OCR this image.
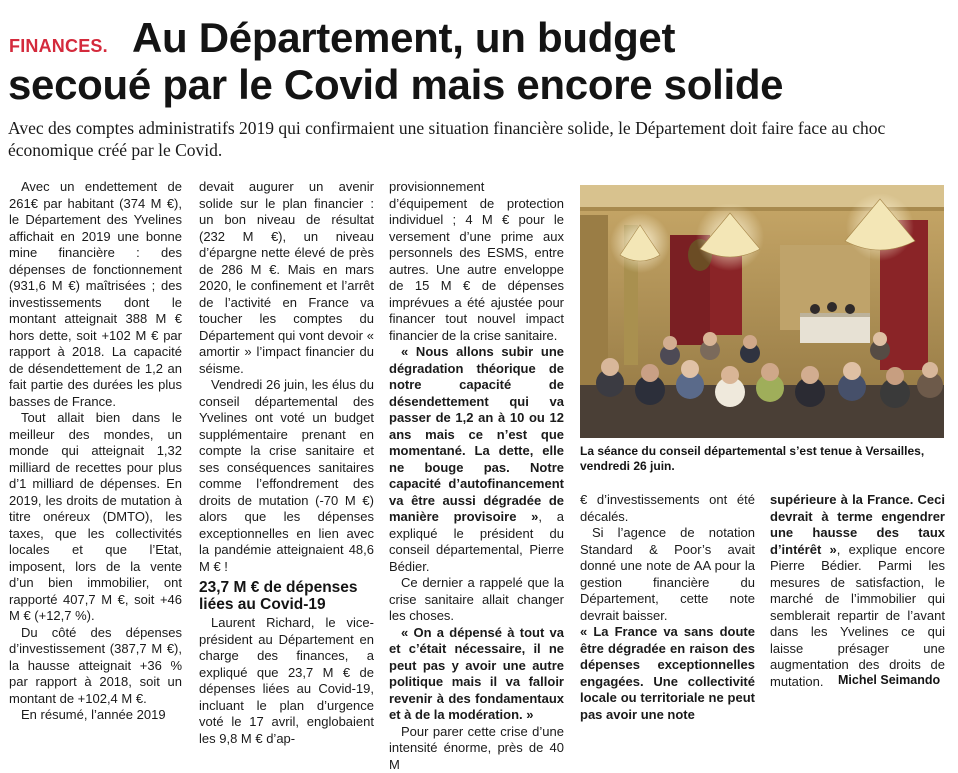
FINANCES. Au Département, un budget
secoué par le Covid mais encore solide

Avec des comptes administratifs 2019 qui confirmaient une situation financière solide, le Département doit faire face au choc économique créé par le Covid.

Avec un endettement de 261€ par habitant (374 M €), le Département des Yvelines affichait en 2019 une bonne mine financière : des dépenses de fonctionnement (931,6 M €) maîtrisées ; des investissements dont le montant atteignait 388 M € hors dette, soit +102 M € par rapport à 2018. La capacité de désendettement de 1,2 an fait partie des durées les plus basses de France.

Tout allait bien dans le meilleur des mondes, un monde qui atteignait 1,32 milliard de recettes pour plus d’1 milliard de dépenses. En 2019, les droits de mutation à titre onéreux (DMTO), les taxes, que les collectivités locales et que l’Etat, imposent, lors de la vente d’un bien immobilier, ont rapporté 407,7 M €, soit +46 M € (+12,7 %).

Du côté des dépenses d’investissement (387,7 M €), la hausse atteignait +36 % par rapport à 2018, soit un montant de +102,4 M €.

En résumé, l’année 2019

devait augurer un avenir solide sur le plan financier : un bon niveau de résultat (232 M €), un niveau d’épargne nette élevé de près de 286 M €. Mais en mars 2020, le confinement et l’arrêt de l’activité en France va toucher les comptes du Département qui vont devoir « amortir » l’impact financier du séisme.

Vendredi 26 juin, les élus du conseil départemental des Yvelines ont voté un budget supplémentaire prenant en compte la crise sanitaire et ses conséquences sanitaires comme l’effondrement des droits de mutation (-70 M €) alors que les dépenses exceptionnelles en lien avec la pandémie atteignaient 48,6 M € !

23,7 M € de dépenses liées au Covid-19

Laurent Richard, le vice-président au Département en charge des finances, a expliqué que 23,7 M € de dépenses liées au Covid-19, incluant le plan d’urgence voté le 17 avril, englobaient les 9,8 M € d’ap-

provisionnement d’équipement de protection individuel ; 4 M € pour le versement d’une prime aux personnels des ESMS, entre autres. Une autre enveloppe de 15 M € de dépenses imprévues a été ajustée pour financer tout nouvel impact financier de la crise sanitaire.

« Nous allons subir une dégradation théorique de notre capacité de désendettement qui va passer de 1,2 an à 10 ou 12 ans mais ce n’est que momentané. La dette, elle ne bouge pas. Notre capacité d’autofinancement va être aussi dégradée de manière provisoire », a expliqué le président du conseil départemental, Pierre Bédier.

Ce dernier a rappelé que la crise sanitaire allait changer les choses.

« On a dépensé à tout va et c’était nécessaire, il ne peut pas y avoir une autre politique mais il va falloir revenir à des fondamentaux et à de la modération. »

Pour parer cette crise d’une intensité énorme, près de 40 M

La séance du conseil départemental s’est tenue à Versailles, vendredi 26 juin.

€ d’investissements ont été décalés.

Si l’agence de notation Standard & Poor’s avait donné une note de AA pour la gestion financière du Département, cette note devrait baisser.

« La France va sans doute être dégradée en raison des dépenses exceptionnelles engagées. Une collectivité locale ou territoriale ne peut pas avoir une note

supérieure à la France. Ceci devrait à terme engendrer une hausse des taux d’intérêt », explique encore Pierre Bédier. Parmi les mesures de satisfaction, le marché de l’immobilier qui semblerait repartir de l’avant dans les Yvelines ce qui laisse présager une augmentation des droits de mutation.	Michel Seimando
